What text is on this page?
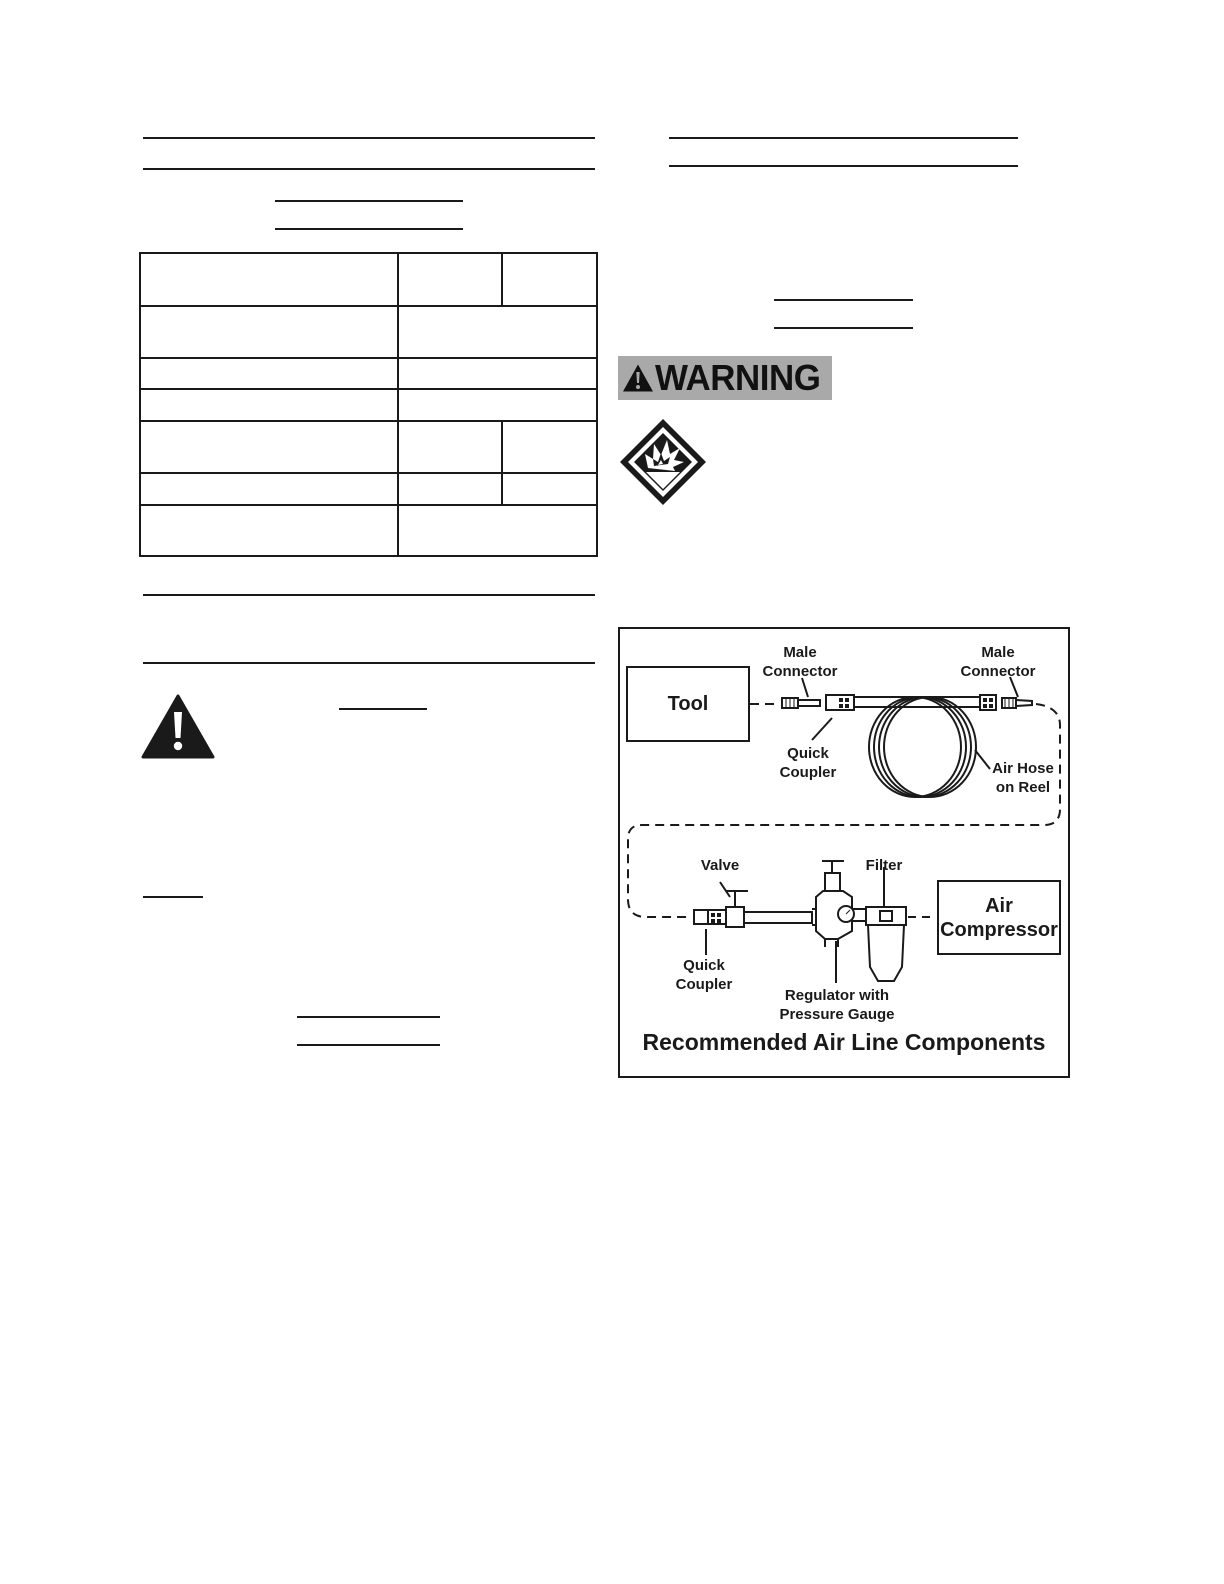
WARNING
Tool
Air
Compressor
Male
Connector
Male
Connector
Quick
Coupler	Air Hose
on Reel
Valve	Filter
Quick
Coupler
Regulator with
Pressure Gauge
Recommended Air Line Components
